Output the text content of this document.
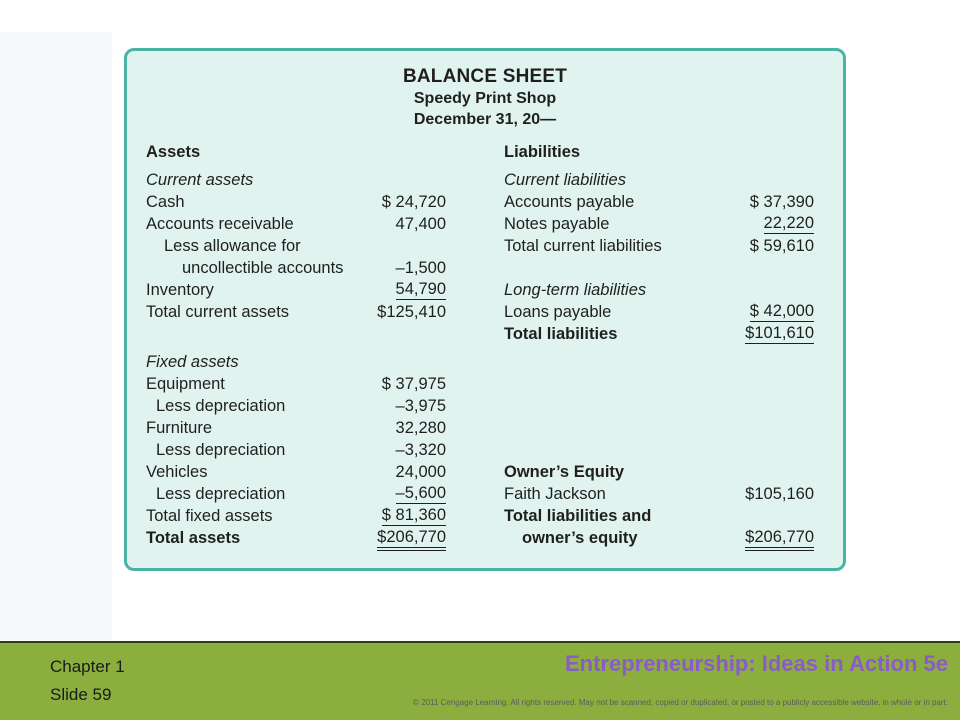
BALANCE SHEET
Speedy Print Shop
December 31, 20—
Assets
Current assets
Cash	$ 24,720
Accounts receivable	47,400
Less allowance for
uncollectible accounts	–1,500
Inventory	54,790
Total current assets	$125,410
Fixed assets
Equipment	$ 37,975
Less depreciation	–3,975
Furniture	32,280
Less depreciation	–3,320
Vehicles	24,000
Less depreciation	–5,600
Total fixed assets	$ 81,360
Total assets	$206,770
Liabilities
Current liabilities
Accounts payable	$ 37,390
Notes payable	22,220
Total current liabilities	$ 59,610
Long-term liabilities
Loans payable	$ 42,000
Total liabilities	$101,610
Owner’s Equity
Faith Jackson	$105,160
Total liabilities and
owner’s equity	$206,770
Chapter 1
Slide 59
Entrepreneurship: Ideas in Action 5e
© 2011 Cengage Learning. All rights reserved. May not be scanned, copied or duplicated, or posted to a publicly accessible website, in whole or in part.
